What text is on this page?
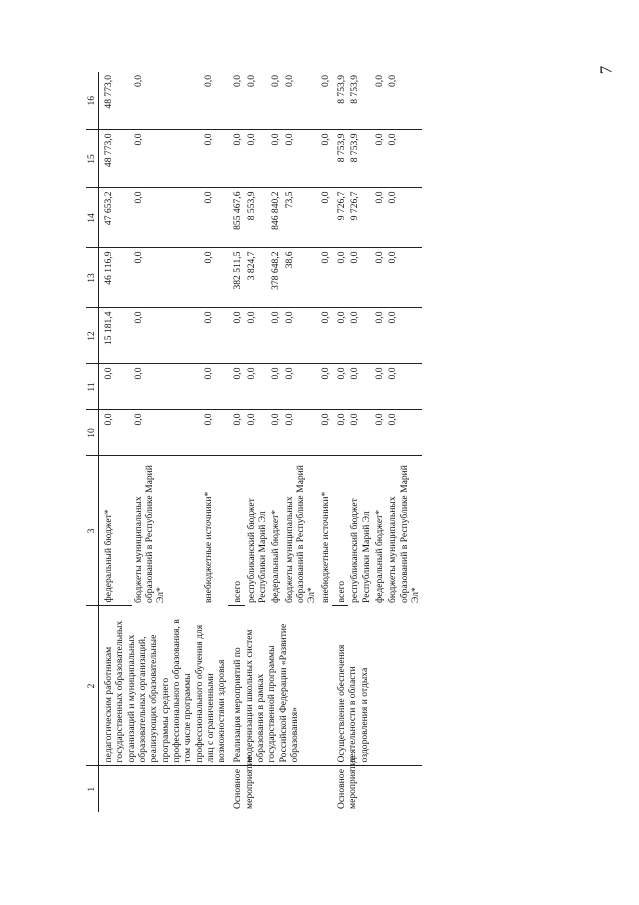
7
1	2	3	10	11	12	13	14	15	16
	педагогическим работникам государственных образовательных организаций и муниципальных образовательных организаций, реализующих образовательные программы среднего профессионального образования, в том числе программы профессионального обучения для лиц с ограниченными возможностями здоровья	федеральный бюджет*	0,0	0,0	15 181,4	46 116,9	47 653,2	48 773,0	48 773,0
		бюджеты муниципальных образований в Республике Марий Эл*	0,0	0,0	0,0	0,0	0,0	0,0	0,0
		внебюджетные источники*	0,0	0,0	0,0	0,0	0,0	0,0	0,0
Основное мероприятие	Реализация мероприятий по модернизации школьных систем образования в рамках государственной программы Российской Федерации «Развитие образования»	всего	0,0	0,0	0,0	382 511,5	855 467,6	0,0	0,0
		республиканский бюджет Республики Марий Эл	0,0	0,0	0,0	3 824,7	8 553,9	0,0	0,0
		федеральный бюджет*	0,0	0,0	0,0	378 648,2	846 840,2	0,0	0,0
		бюджеты муниципальных образований в Республике Марий Эл*	0,0	0,0	0,0	38,6	73,5	0,0	0,0
		внебюджетные источники*	0,0	0,0	0,0	0,0	0,0	0,0	0,0
Основное мероприятие	Осуществление обеспечения деятельности в области оздоровления и отдыха	всего	0,0	0,0	0,0	0,0	9 726,7	8 753,9	8 753,9
		республиканский бюджет Республики Марий Эл	0,0	0,0	0,0	0,0	9 726,7	8 753,9	8 753,9
		федеральный бюджет*	0,0	0,0	0,0	0,0	0,0	0,0	0,0
		бюджеты муниципальных образований в Республике Марий Эл*	0,0	0,0	0,0	0,0	0,0	0,0	0,0
